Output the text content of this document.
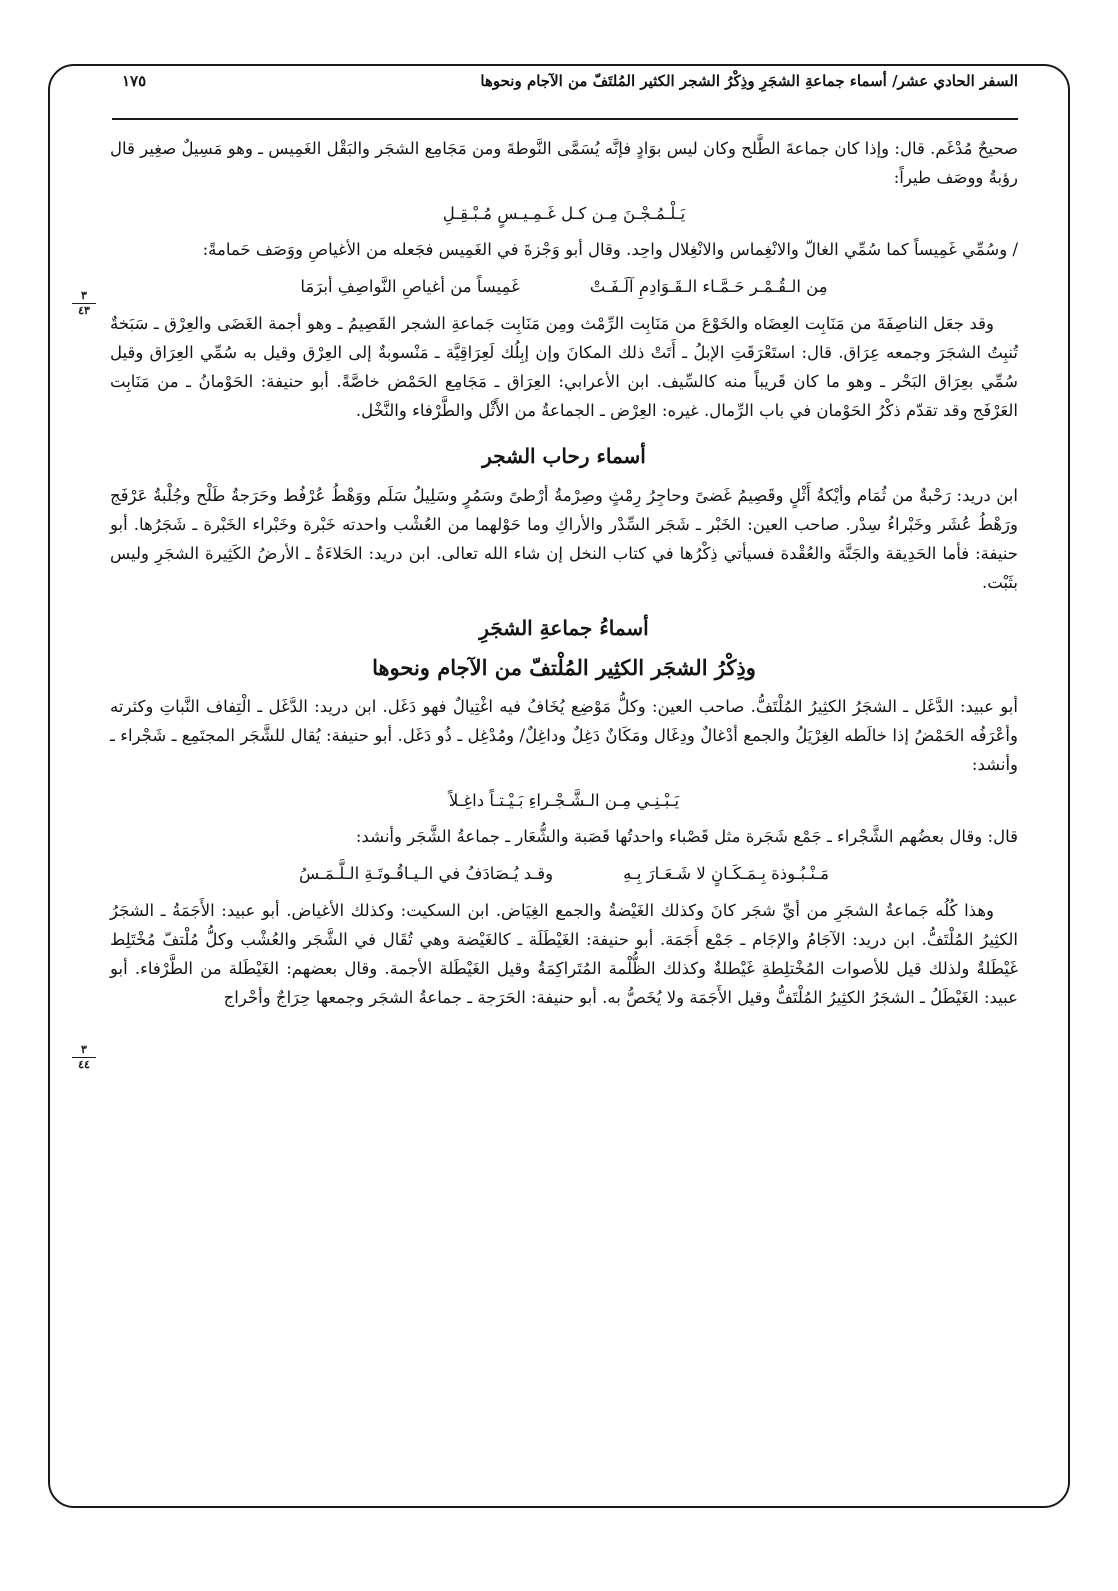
السفر الحادي عشر/ أسماء جماعةِ الشجَرِ وذِكْرُ الشجر الكثير المُلتَفّ من الآجام ونحوها
١٧٥
٣
٤٣
٣
٤٤

صحيحٌ مُدْغَم. قال: وإذا كان جماعةَ الطَّلح وكان ليس بوَادٍ فإنَّه يُسَمَّى النَّوطةَ ومن مَجَامِع الشجَر والبَقْل الغَمِيس ـ وهو مَسِيلٌ صغِير قال رؤبةُ ووصَف طيراً:

يَـلْـمُـجْـنَ مِـن كـل غَـمِـيـسٍ مُـبْـقِـلِ

/ وسُمِّي غَمِيساً كما سُمِّي الغالّ والانْغِماس والانْغِلال واحِد. وقال أبو وَجْزةَ في الغَمِيس فجَعله من الأغياصِ ووَصَف حَمامةً:

مِن الـقُـمْـر حَـمَّـاء الـقَـوَادِمِ آلَـفَـتْ
غَمِيساً من أغياصِ النَّواصِفِ أبرَمَا

وقد جعَل الناصِفَةَ من مَنَابِت العِضَاه والخَوْعَ من مَنَابِت الرِّمْث ومِن مَنَابِت جَماعةِ الشجر القَصِيمُ ـ وهو أجمة الغَضَى والعِرْق ـ سَبَخةٌ تُنبِتُ الشجَرَ وجمعه عِرَاق. قال: استَعْرَقَتِ الإبلُ ـ أَتَتْ ذلك المكانَ وإن إبِلُك لَعِرَاقِيَّة ـ مَنْسوبةٌ إلى العِرْق وقيل به سُمِّي العِرَاق وقيل سُمِّي بعِرَاق البَحْر ـ وهو ما كان قَريباً منه كالسِّيف. ابن الأعرابي: العِرَاق ـ مَجَامِع الحَمْض خاصَّةً. أبو حنيفة: الحَوْمانُ ـ من مَنَابِت العَرْفَج وقد تقدّم ذكْرُ الحَوْمان في باب الرِّمال. غيره: العِرْض ـ الجماعةُ من الأَثْل والطَّرْفاء والنَّخْل.

أسماء رحاب الشجر

ابن دريد: رَحْبةٌ من ثُمَام وأيْكةُ أَثْلٍ وقَصِيمُ غَضىً وحاجِرُ رِمْثٍ وصِرْمةُ أرْطىً وسَمُرٍ وسَلِيلُ سَلَم ووَهْطُ عُرْفُط وحَرَجةُ طَلْح وجُلْبةُ عَرْفَج ورَهْطُ عُشَر وخَبْراءُ سِدْر. صاحب العين: الخَبْر ـ شَجَر السِّدْر والأراكِ وما حَوْلهما من العُشْب واحدته خَبْرة وخَبْراء الخَبْرة ـ شَجَرُها. أبو حنيفة: فأما الحَدِيقة والجَنَّة والعُقْدة فسيأتي ذِكْرُها في كتاب النخل إن شاء الله تعالى. ابن دريد: الحَلاءَةُ ـ الأرضُ الكَثِيرة الشجَرِ وليس بثَبْت.

أسماءُ جماعةِ الشجَرِ

وذِكْرُ الشجَر الكثِير المُلْتفّ من الآجام ونحوها

أبو عبيد: الدَّغَل ـ الشجَرُ الكثِيرُ المُلْتَفُّ. صاحب العين: وكلُّ مَوْضِع يُخَافُ فيه اغْتِيالٌ فهو دَغَل. ابن دريد: الدَّغَل ـ الْتِفاف النَّباتِ وكثرته وأعْرَفُه الحَمْضُ إذا خالَطه الغِرْيَلُ والجمع أدْغالٌ ودِغَال ومَكَانٌ دَغِلٌ وداغِلٌ/ ومُدْغِل ـ ذُو دَغَل. أبو حنيفة: يُقال للشَّجَر المجتَمِع ـ شَجْراء ـ وأنشد:

يَـبْـنِـي مِـن الـشَّـجْـراءِ بَـيْـتـاً داغِـلاً

قال: وقال بعضُهم الشَّجْراء ـ جَمْع شَجَرة مثل قَصْباء واحدتُها قَصَبة والشُّعَار ـ جماعةُ الشَّجَر وأنشد:

مَـنْـبُـوذة بِـمَـكَـانٍ لا شَـعَـارَ بِـهِ
وقـد يُـصَادَفُ في الـيـاقُـوتَـةِ الـلَّـمَـسُ

وهذا كُلُه جَماعةُ الشجَرِ من أيِّ شجَر كانَ وكذلك الغَيْضةُ والجمع الغِيَاض. ابن السكيت: وكذلك الأغياض. أبو عبيد: الأَجَمَةُ ـ الشجَرُ الكثِيرُ المُلْتَفُّ. ابن دريد: الآجَامُ والإجَام ـ جَمْع أَجَمَة. أبو حنيفة: الغَيْطَلَة ـ كالغَيْضة وهي تُقَال في الشَّجَر والعُشْب وكلُّ مُلْتفّ مُخْتَلِط غَيْطَلةٌ ولذلك قيل للأصوات المُخْتلِطةِ غَيْطلةٌ وكذلك الظُّلْمة المُتَراكِمَةُ وقيل الغَيْطَلة الأجمة. وقال بعضهم: الغَيْطَلة من الطَّرْفاء. أبو عبيد: الغَيْطَلُ ـ الشجَرُ الكثِيرُ المُلْتَفُّ وقيل الأَجَمَة ولا يُخَصُّ به. أبو حنيفة: الحَرَجة ـ جماعةُ الشجَر وجمعها حِرَاجٌ وأحْراج
